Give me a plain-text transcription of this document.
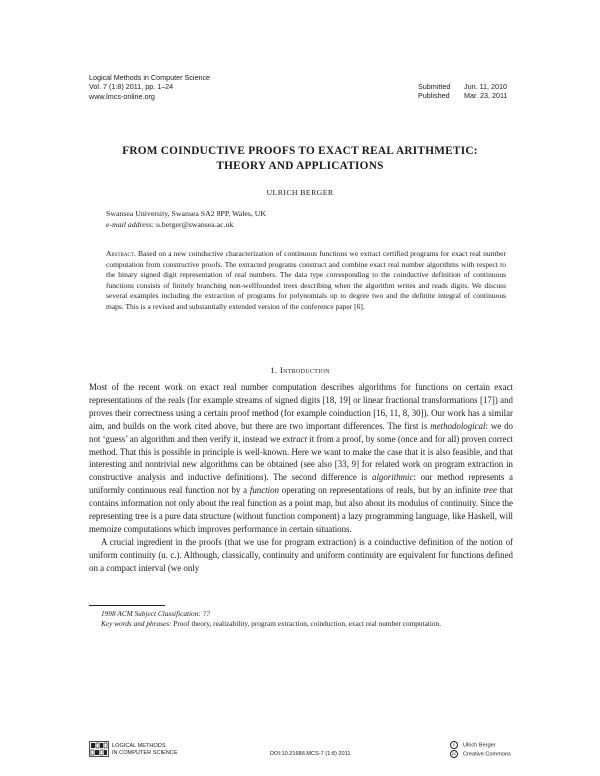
Logical Methods in Computer Science
Vol. 7 (1:8) 2011, pp. 1–24
www.lmcs-online.org
Submitted Jun. 11, 2010
Published Mar. 23, 2011
FROM COINDUCTIVE PROOFS TO EXACT REAL ARITHMETIC:
THEORY AND APPLICATIONS
ULRICH BERGER
Swansea University, Swansea SA2 8PP, Wales, UK
e-mail address: u.berger@swansea.ac.uk
Abstract. Based on a new coinductive characterization of continuous functions we extract certified programs for exact real number computation from constructive proofs. The extracted programs construct and combine exact real number algorithms with respect to the binary signed digit representation of real numbers. The data type corresponding to the coinductive definition of continuous functions consists of finitely branching non-wellfounded trees describing when the algorithm writes and reads digits. We discuss several examples including the extraction of programs for polynomials up to degree two and the definite integral of continuous maps. This is a revised and substantially extended version of the conference paper [6].
1. Introduction

Most of the recent work on exact real number computation describes algorithms for functions on certain exact representations of the reals (for example streams of signed digits [18, 19] or linear fractional transformations [17]) and proves their correctness using a certain proof method (for example coinduction [16, 11, 8, 30]). Our work has a similar aim, and builds on the work cited above, but there are two important differences. The first is methodological: we do not ‘guess’ an algorithm and then verify it, instead we extract it from a proof, by some (once and for all) proven correct method. That this is possible in principle is well-known. Here we want to make the case that it is also feasible, and that interesting and nontrivial new algorithms can be obtained (see also [33, 9] for related work on program extraction in constructive analysis and inductive definitions). The second difference is algorithmic: our method represents a uniformly continuous real function not by a function operating on representations of reals, but by an infinite tree that contains information not only about the real function as a point map, but also about its modulus of continuity. Since the representing tree is a pure data structure (without function component) a lazy programming language, like Haskell, will memoize computations which improves performance in certain situations.

A crucial ingredient in the proofs (that we use for program extraction) is a coinductive definition of the notion of uniform continuity (u. c.). Although, classically, continuity and uniform continuity are equivalent for functions defined on a compact interval (we only

1998 ACM Subject Classification: ??

Key words and phrases: Proof theory, realizability, program extraction, coinduction, exact real number computation.

LOGICAL METHODS
IN COMPUTER SCIENCE	DOI:10.2168/LMCS-7 (1:8) 2011
c Ulrich Berger
cc Creative Commons
